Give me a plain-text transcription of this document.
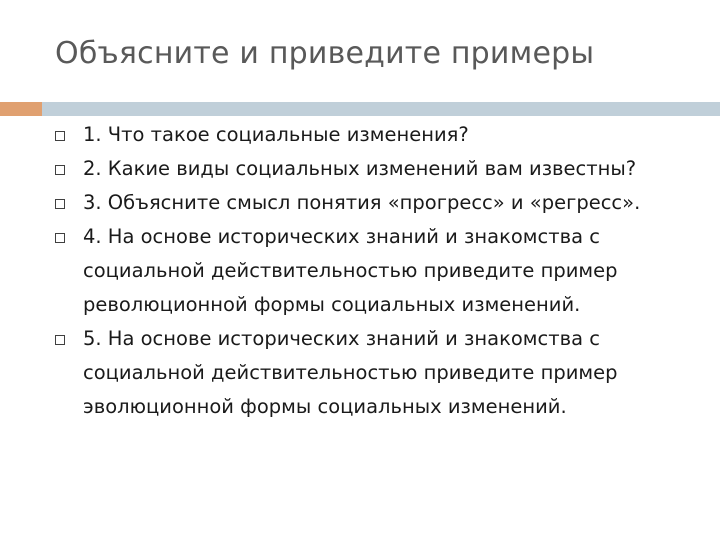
Объясните и приведите примеры
1. Что такое социальные изменения?
2. Какие виды социальных изменений вам известны?
3. Объясните смысл понятия «прогресс» и «регресс».
4. На основе исторических знаний и знакомства с социальной действительностью приведите пример революционной формы социальных изменений.
5. На основе исторических знаний и знакомства с социальной действительностью приведите пример эволюционной формы социальных изменений.
